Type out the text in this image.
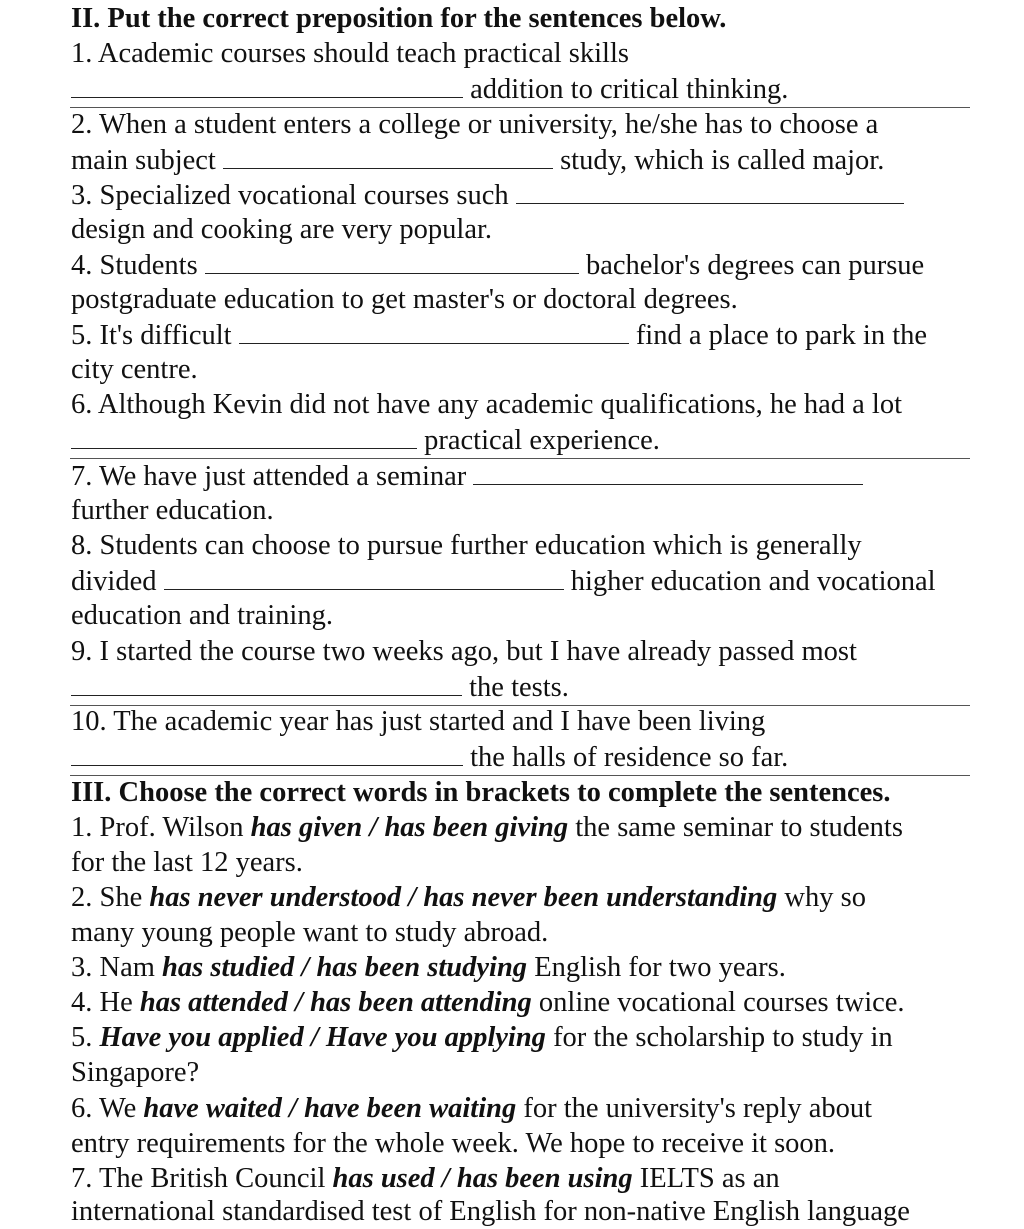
II. Put the correct preposition for the sentences below.
1. Academic courses should teach practical skills
addition to critical thinking.
2. When a student enters a college or university, he/she has to choose a
main subject	study, which is called major.
3. Specialized vocational courses such
design and cooking are very popular.
4. Students	bachelor's degrees can pursue
postgraduate education to get master's or doctoral degrees.
5. It's difficult	find a place to park in the
city centre.
6. Although Kevin did not have any academic qualifications, he had a lot
practical experience.
7. We have just attended a seminar
further education.
8. Students can choose to pursue further education which is generally
divided	higher education and vocational
education and training.
9. I started the course two weeks ago, but I have already passed most
the tests.
10. The academic year has just started and I have been living
the halls of residence so far.
III. Choose the correct words in brackets to complete the sentences.
1. Prof. Wilson has given / has been giving the same seminar to students
for the last 12 years.
2. She has never understood / has never been understanding why so
many young people want to study abroad.
3. Nam has studied / has been studying English for two years.
4. He has attended / has been attending online vocational courses twice.
5. Have you applied / Have you applying for the scholarship to study in
Singapore?
6. We have waited / have been waiting for the university's reply about
entry requirements for the whole week. We hope to receive it soon.
7. The British Council has used / has been using IELTS as an
international standardised test of English for non-native English language
